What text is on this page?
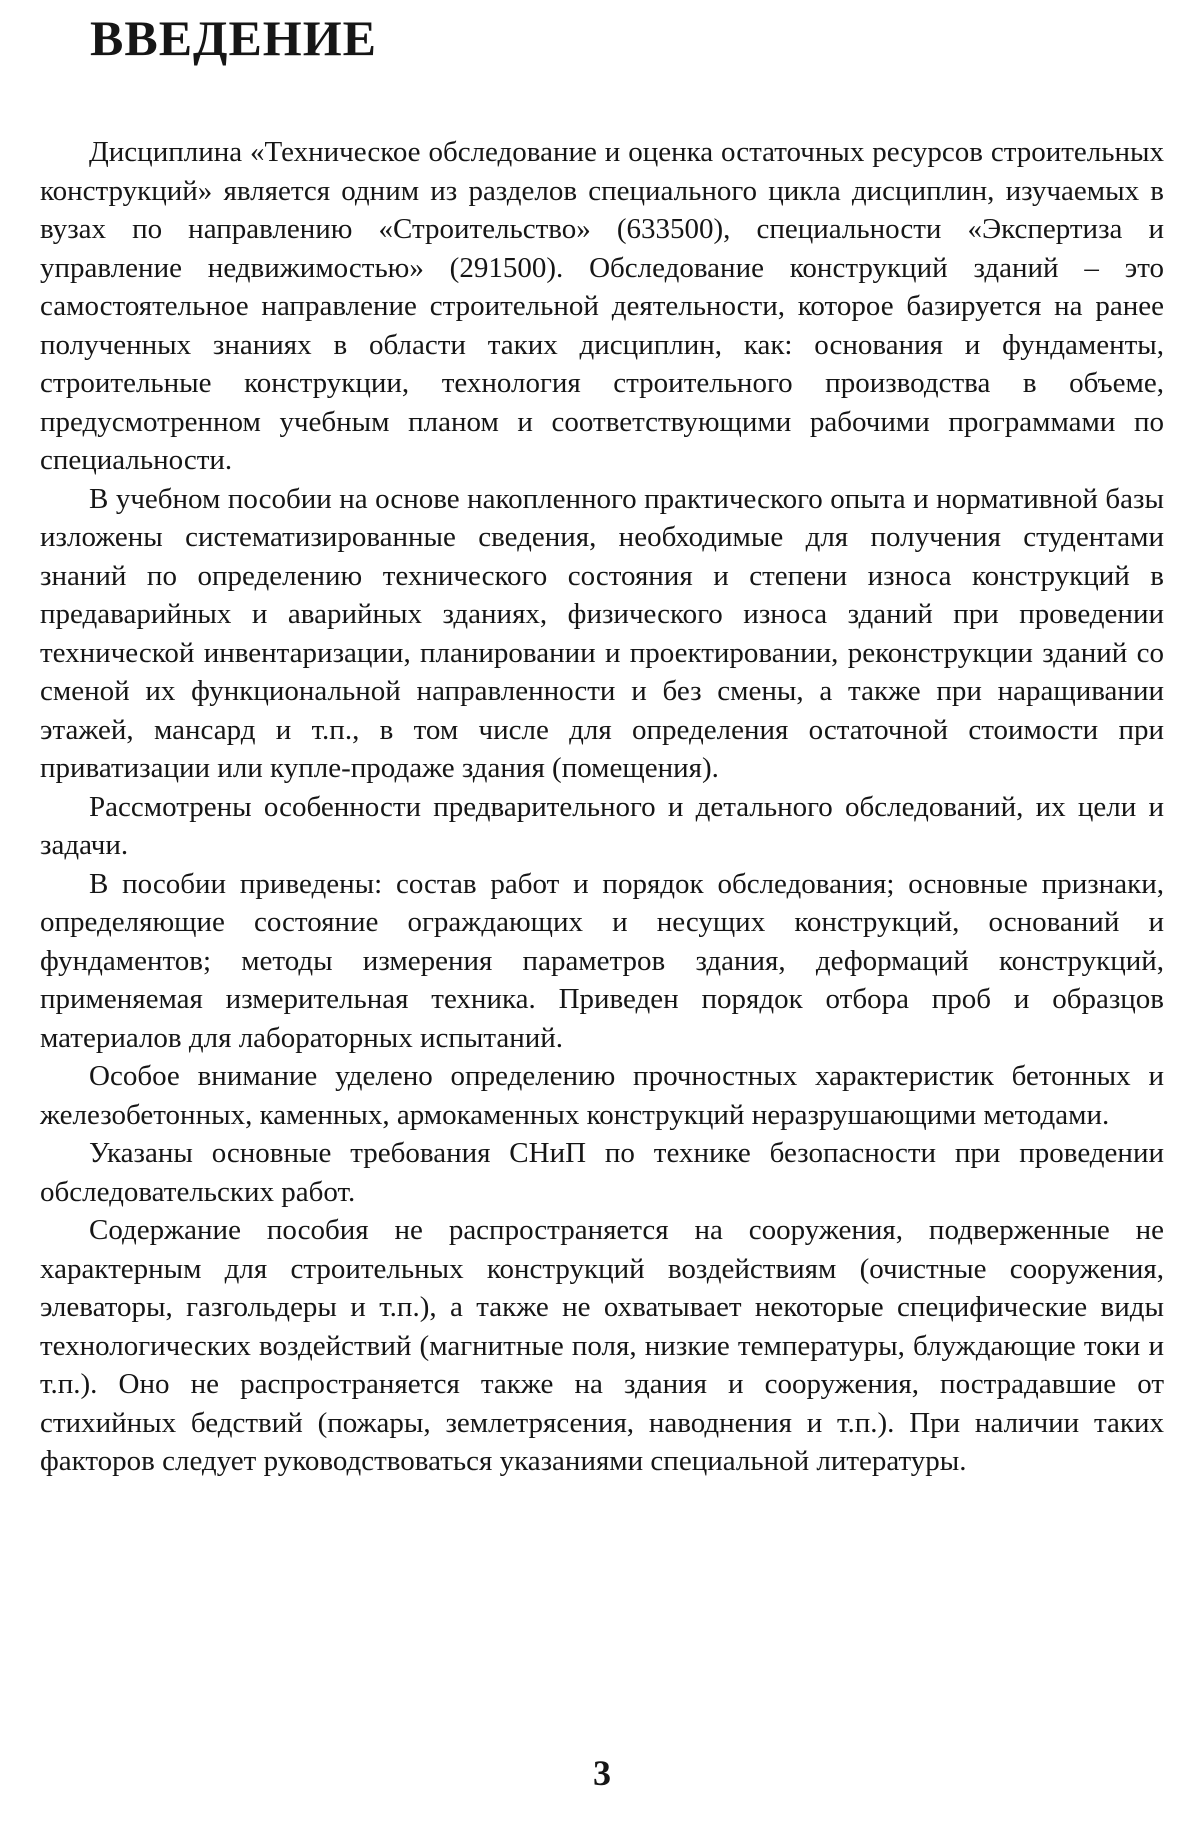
ВВЕДЕНИЕ

Дисциплина «Техническое обследование и оценка остаточных ресурсов строительных конструкций» является одним из разделов специального цикла дисциплин, изучаемых в вузах по направлению «Строительство» (633500), специальности «Экспертиза и управление недвижимостью» (291500). Обследование конструкций зданий – это самостоятельное направление строительной деятельности, которое базируется на ранее полученных знаниях в области таких дисциплин, как: основания и фундаменты, строительные конструкции, технология строительного производства в объеме, предусмотренном учебным планом и соответствующими рабочими программами по специальности.

В учебном пособии на основе накопленного практического опыта и нормативной базы изложены систематизированные сведения, необходимые для получения студентами знаний по определению технического состояния и степени износа конструкций в предаварийных и аварийных зданиях, физического износа зданий при проведении технической инвентаризации, планировании и проектировании, реконструкции зданий со сменой их функциональной направленности и без смены, а также при наращивании этажей, мансард и т.п., в том числе для определения остаточной стоимости при приватизации или купле-продаже здания (помещения).

Рассмотрены особенности предварительного и детального обследований, их цели и задачи.

В пособии приведены: состав работ и порядок обследования; основные признаки, определяющие состояние ограждающих и несущих конструкций, оснований и фундаментов; методы измерения параметров здания, деформаций конструкций, применяемая измерительная техника. Приведен порядок отбора проб и образцов материалов для лабораторных испытаний.

Особое внимание уделено определению прочностных характеристик бетонных и железобетонных, каменных, армокаменных конструкций неразрушающими методами.

Указаны основные требования СНиП по технике безопасности при проведении обследовательских работ.

Содержание пособия не распространяется на сооружения, подверженные не характерным для строительных конструкций воздействиям (очистные сооружения, элеваторы, газгольдеры и т.п.), а также не охватывает некоторые специфические виды технологических воздействий (магнитные поля, низкие температуры, блуждающие токи и т.п.). Оно не распространяется также на здания и сооружения, пострадавшие от стихийных бедствий (пожары, землетрясения, наводнения и т.п.). При наличии таких факторов следует руководствоваться указаниями специальной литературы.

3
